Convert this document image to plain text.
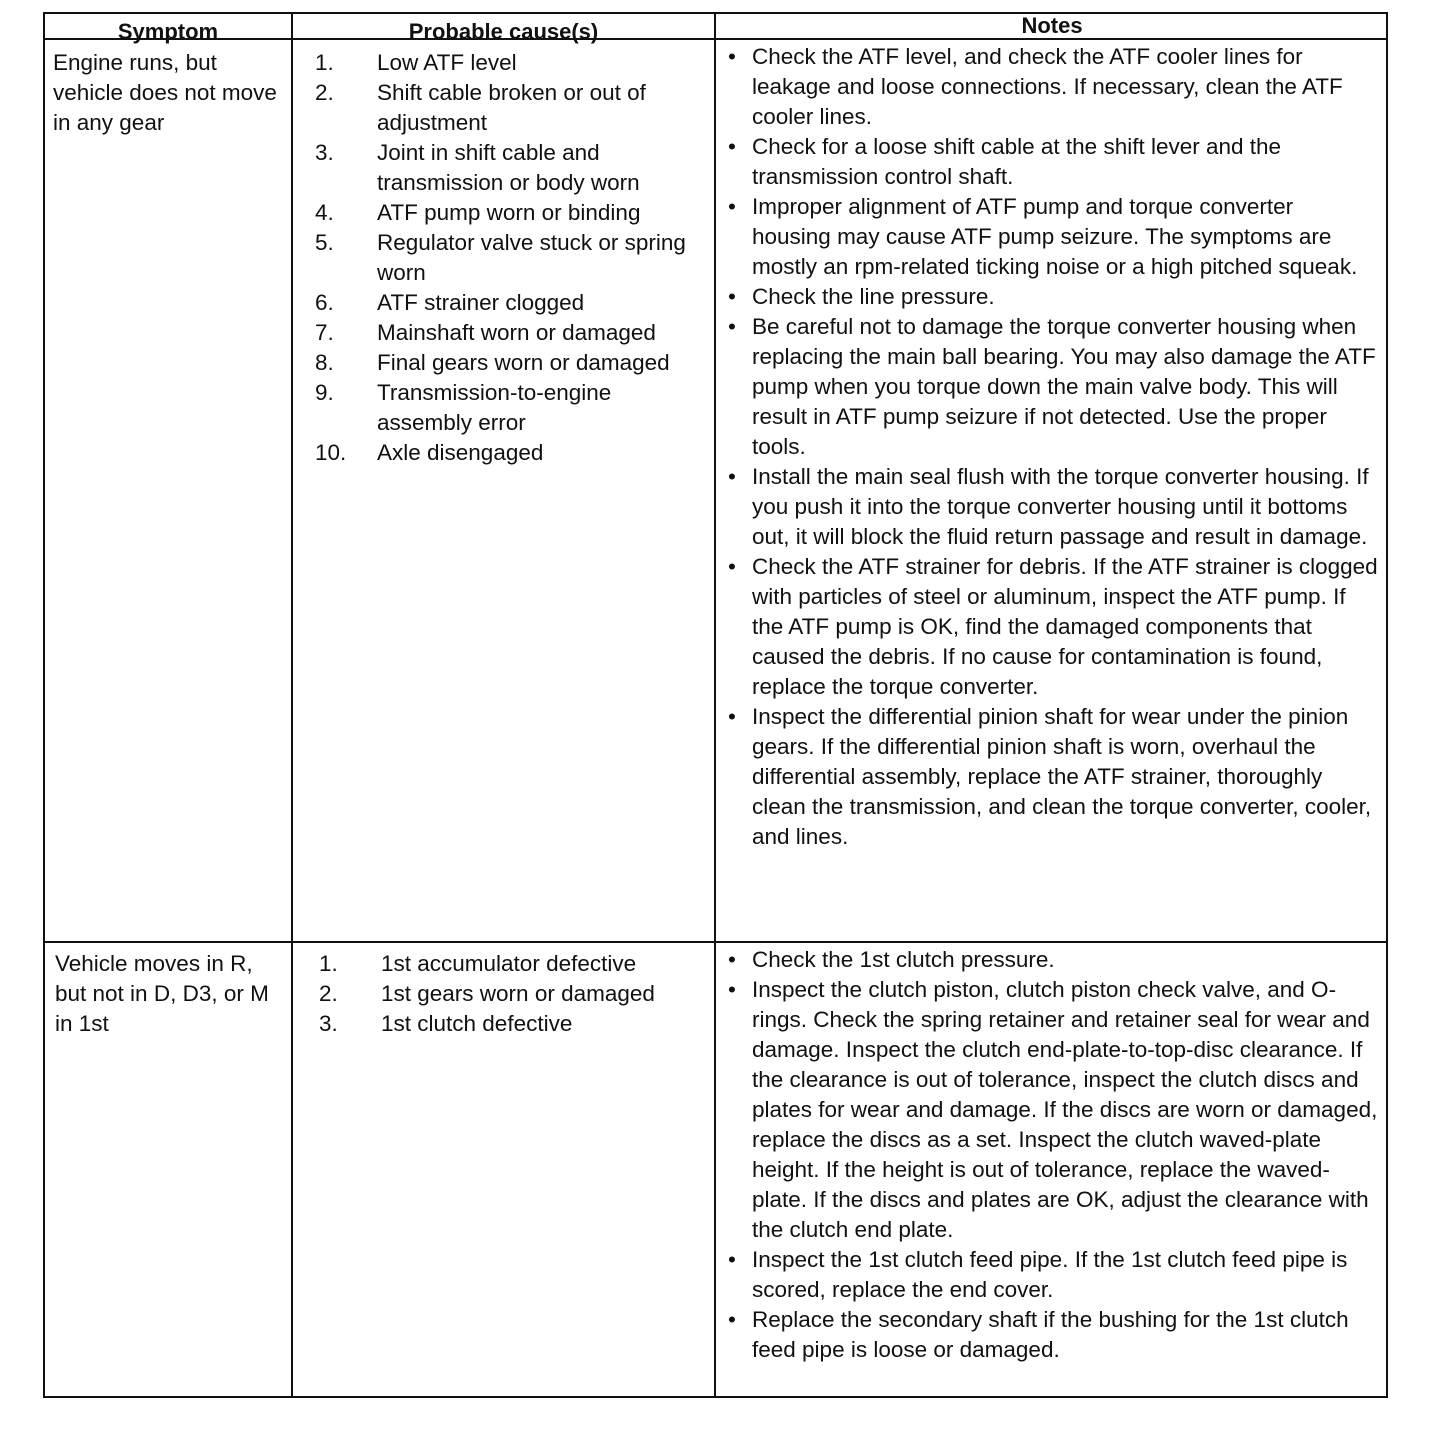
Symptom	Probable cause(s)	Notes
Engine runs, but vehicle does not move in any gear
1. Low ATF level
2. Shift cable broken or out of adjustment
3. Joint in shift cable and transmission or body worn
4. ATF pump worn or binding
5. Regulator valve stuck or spring worn
6. ATF strainer clogged
7. Mainshaft worn or damaged
8. Final gears worn or damaged
9. Transmission-to-engine assembly error
10. Axle disengaged
• Check the ATF level, and check the ATF cooler lines for leakage and loose connections. If necessary, clean the ATF cooler lines.
• Check for a loose shift cable at the shift lever and the transmission control shaft.
• Improper alignment of ATF pump and torque converter housing may cause ATF pump seizure. The symptoms are mostly an rpm-related ticking noise or a high pitched squeak.
• Check the line pressure.
• Be careful not to damage the torque converter housing when replacing the main ball bearing. You may also damage the ATF pump when you torque down the main valve body. This will result in ATF pump seizure if not detected. Use the proper tools.
• Install the main seal flush with the torque converter housing. If you push it into the torque converter housing until it bottoms out, it will block the fluid return passage and result in damage.
• Check the ATF strainer for debris. If the ATF strainer is clogged with particles of steel or aluminum, inspect the ATF pump. If the ATF pump is OK, find the damaged components that caused the debris. If no cause for contamination is found, replace the torque converter.
• Inspect the differential pinion shaft for wear under the pinion gears. If the differential pinion shaft is worn, overhaul the differential assembly, replace the ATF strainer, thoroughly clean the transmission, and clean the torque converter, cooler, and lines.
Vehicle moves in R, but not in D, D3, or M in 1st
1. 1st accumulator defective
2. 1st gears worn or damaged
3. 1st clutch defective
• Check the 1st clutch pressure.
• Inspect the clutch piston, clutch piston check valve, and O-rings. Check the spring retainer and retainer seal for wear and damage. Inspect the clutch end-plate-to-top-disc clearance. If the clearance is out of tolerance, inspect the clutch discs and plates for wear and damage. If the discs are worn or damaged, replace the discs as a set. Inspect the clutch waved-plate height. If the height is out of tolerance, replace the waved-plate. If the discs and plates are OK, adjust the clearance with the clutch end plate.
• Inspect the 1st clutch feed pipe. If the 1st clutch feed pipe is scored, replace the end cover.
• Replace the secondary shaft if the bushing for the 1st clutch feed pipe is loose or damaged.
